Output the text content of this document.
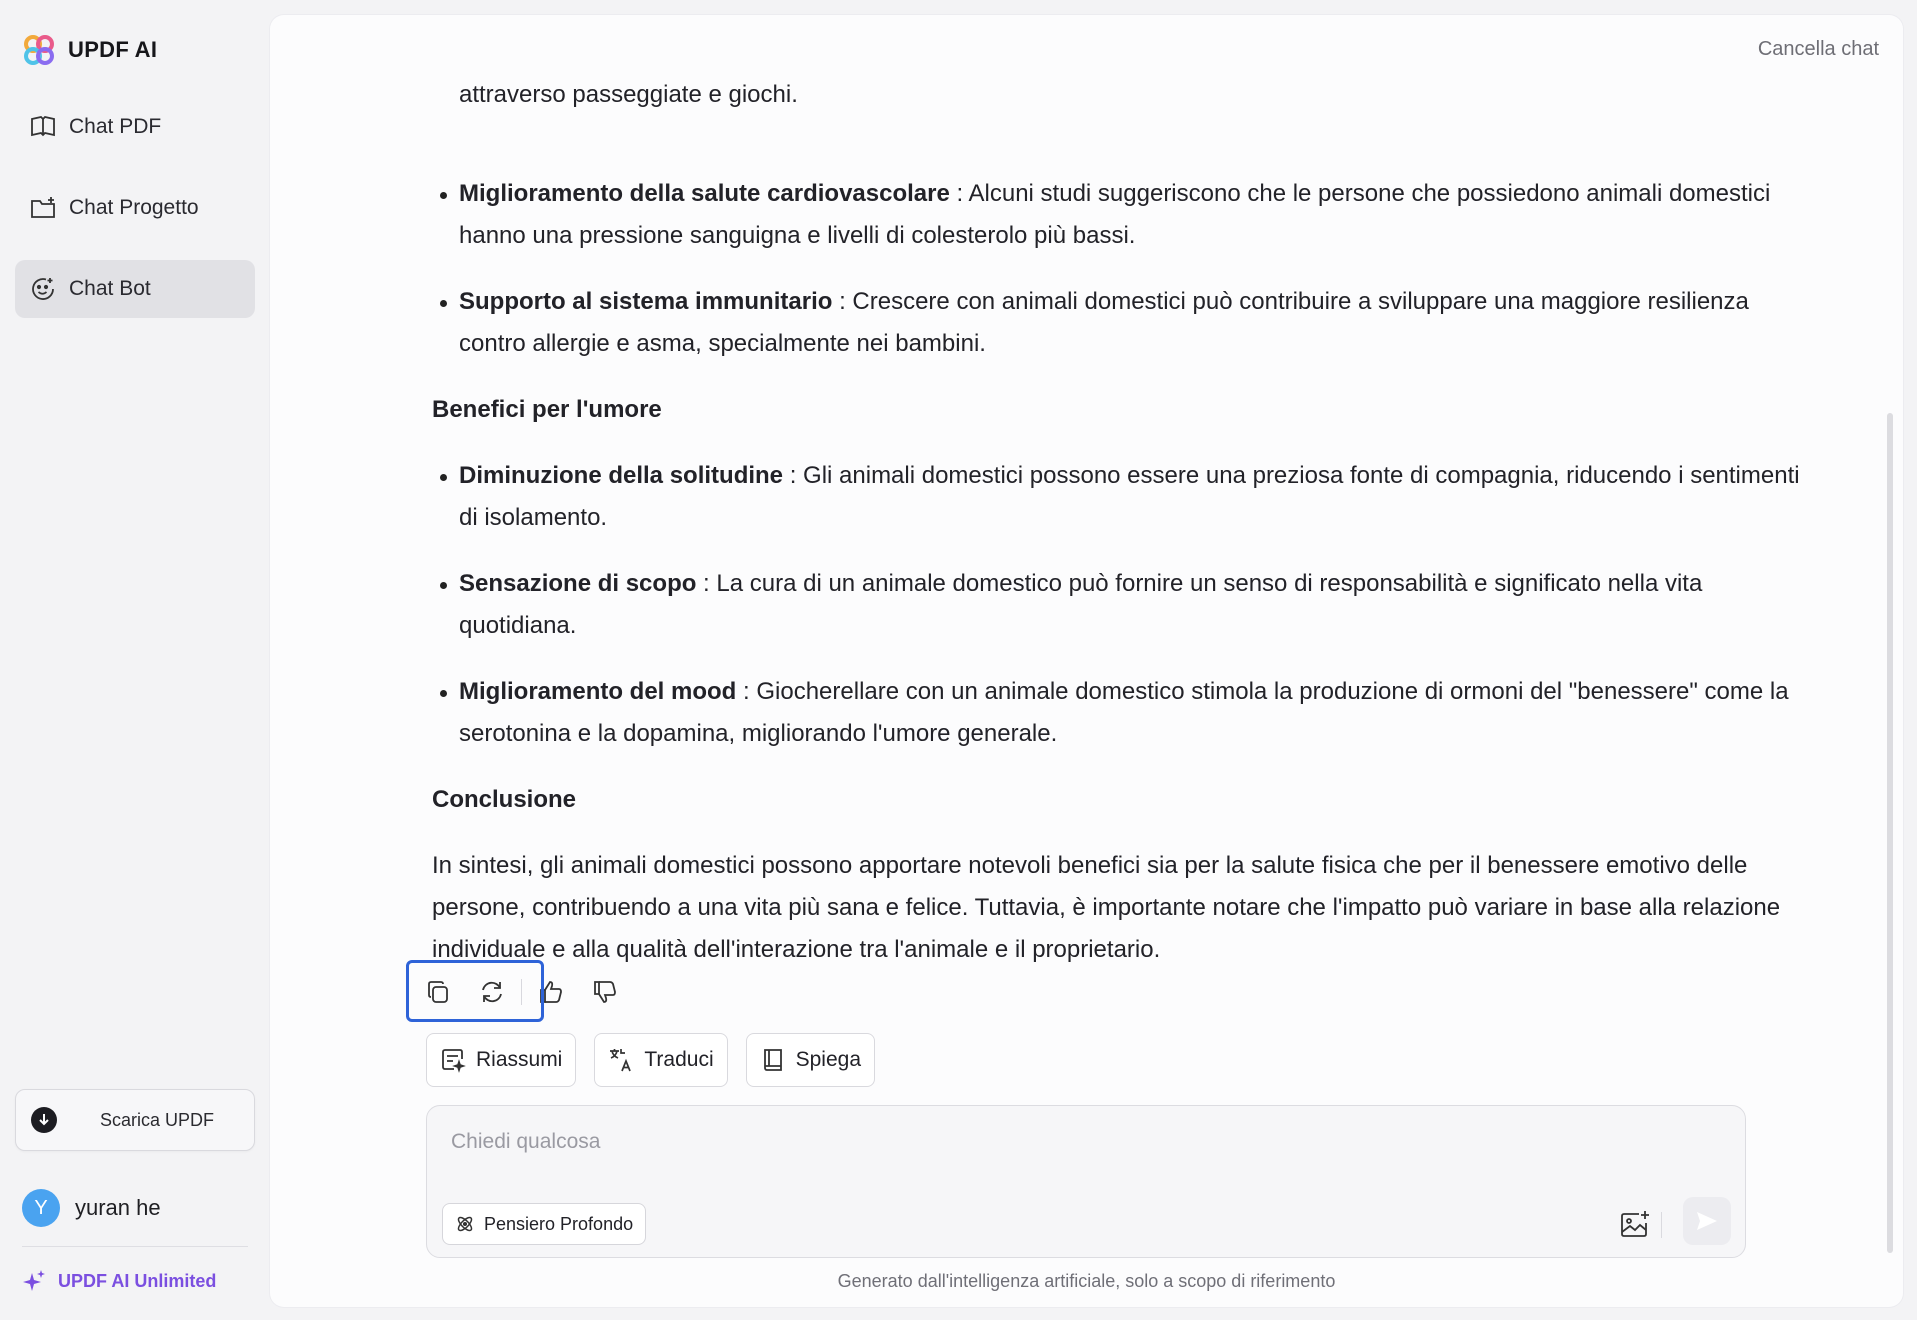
UPDF AI
Chat PDF
Chat Progetto
Chat Bot
Scarica UPDF
Y	yuran he
UPDF AI Unlimited
Cancella chat
attraverso passeggiate e giochi.
Miglioramento della salute cardiovascolare : Alcuni studi suggeriscono che le persone che possiedono animali domestici hanno una pressione sanguigna e livelli di colesterolo più bassi.
Supporto al sistema immunitario : Crescere con animali domestici può contribuire a sviluppare una maggiore resilienza contro allergie e asma, specialmente nei bambini.
Benefici per l'umore
Diminuzione della solitudine : Gli animali domestici possono essere una preziosa fonte di compagnia, riducendo i sentimenti di isolamento.
Sensazione di scopo : La cura di un animale domestico può fornire un senso di responsabilità e significato nella vita quotidiana.
Miglioramento del mood : Giocherellare con un animale domestico stimola la produzione di ormoni del "benessere" come la serotonina e la dopamina, migliorando l'umore generale.
Conclusione

In sintesi, gli animali domestici possono apportare notevoli benefici sia per la salute fisica che per il benessere emotivo delle persone, contribuendo a una vita più sana e felice. Tuttavia, è importante notare che l'impatto può variare in base alla relazione individuale e alla qualità dell'interazione tra l'animale e il proprietario.

Riassumi	Traduci	Spiega
Chiedi qualcosa
Pensiero Profondo
Generato dall'intelligenza artificiale, solo a scopo di riferimento
